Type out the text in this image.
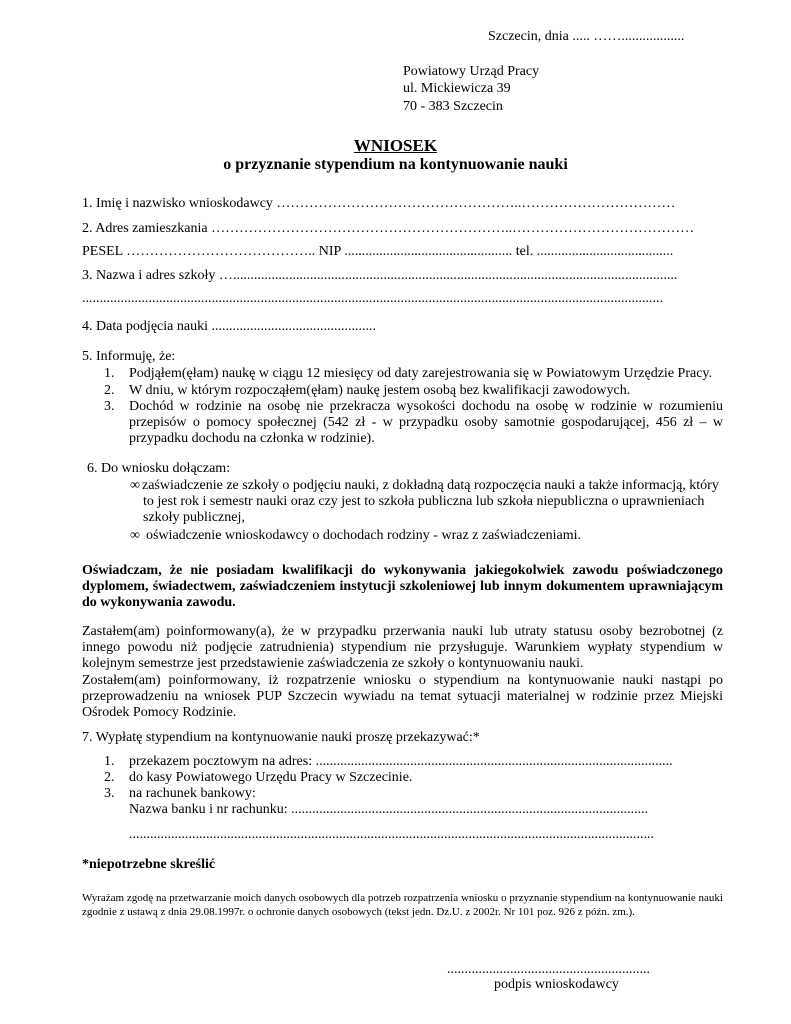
Szczecin, dnia ..... ……..................
Powiatowy Urząd Pracy
ul. Mickiewicza 39
70 - 383 Szczecin
WNIOSEK
o przyznanie stypendium na kontynuowanie nauki
1. Imię i nazwisko wnioskodawcy ……………………………………………..……………………………
2. Adres zamieszkania ………………………………………………………..…………………………………
PESEL ………………………………….. NIP ................................................ tel. .......................................
3. Nazwa i adres szkoły …...............................................................................................................................
......................................................................................................................................................................
4. Data podjęcia nauki ...............................................
5. Informuję, że:
1. Podjąłem(ęłam) naukę w ciągu 12 miesięcy od daty zarejestrowania się w Powiatowym Urzędzie Pracy.
2. W dniu, w którym rozpocząłem(ęłam) naukę jestem osobą bez kwalifikacji zawodowych.
3. Dochód w rodzinie na osobę nie przekracza wysokości dochodu na osobę w rodzinie w rozumieniu przepisów o pomocy społecznej (542 zł - w przypadku osoby samotnie gospodarującej, 456 zł – w przypadku dochodu na członka w rodzinie).
6. Do wniosku dołączam:
∞ zaświadczenie ze szkoły o podjęciu nauki, z dokładną datą rozpoczęcia nauki a także informacją, który to jest rok i semestr nauki oraz czy jest to szkoła publiczna lub szkoła niepubliczna o uprawnieniach szkoły publicznej,
∞ oświadczenie wnioskodawcy o dochodach rodziny - wraz z zaświadczeniami.
Oświadczam, że nie posiadam kwalifikacji do wykonywania jakiegokolwiek zawodu poświadczonego dyplomem, świadectwem, zaświadczeniem instytucji szkoleniowej lub innym dokumentem uprawniającym do wykonywania zawodu.
Zastałem(am) poinformowany(a), że w przypadku przerwania nauki lub utraty statusu osoby bezrobotnej (z innego powodu niż podjęcie zatrudnienia) stypendium nie przysługuje. Warunkiem wypłaty stypendium w kolejnym semestrze jest przedstawienie zaświadczenia ze szkoły o kontynuowaniu nauki.
Zostałem(am) poinformowany, iż rozpatrzenie wniosku o stypendium na kontynuowanie nauki nastąpi po przeprowadzeniu na wniosek PUP Szczecin wywiadu na temat sytuacji materialnej w rodzinie przez Miejski Ośrodek Pomocy Rodzinie.
7. Wypłatę stypendium na kontynuowanie nauki proszę przekazywać:*
1. przekazem pocztowym na adres: ......................................................................................................
2. do kasy Powiatowego Urzędu Pracy w Szczecinie.
3. na rachunek bankowy:
Nazwa banku i nr rachunku: ......................................................................................................
......................................................................................................................................................
*niepotrzebne skreślić
Wyrażam zgodę na przetwarzanie moich danych osobowych dla potrzeb rozpatrzenia wniosku o przyznanie stypendium na kontynuowanie nauki zgodnie z ustawą z dnia 29.08.1997r. o ochronie danych osobowych (tekst jedn. Dz.U. z 2002r. Nr 101 poz. 926 z późn. zm.).
..........................................................
podpis wnioskodawcy
